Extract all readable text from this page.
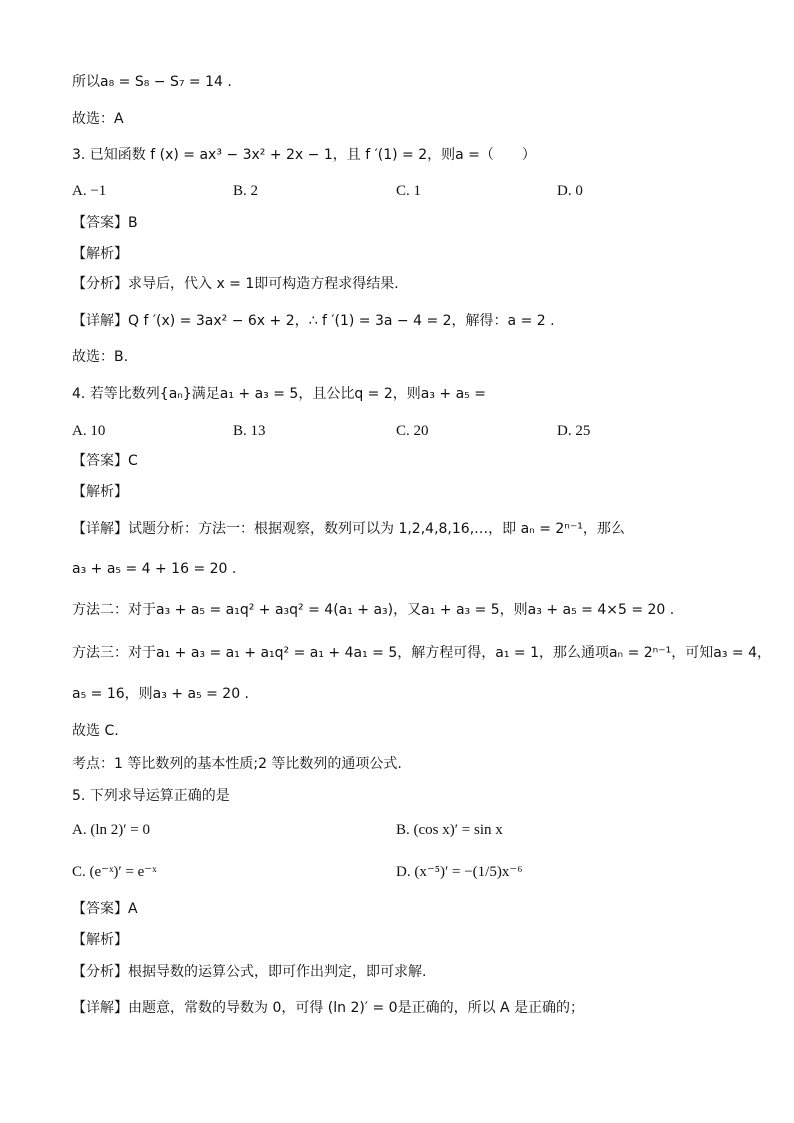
所以a₈ = S₈ − S₇ = 14 .
故选：A
3. 已知函数 f (x) = ax³ − 3x² + 2x − 1，且 f ′(1) = 2，则a =（　　）
A. −1	B. 2	C. 1	D. 0
【答案】B
【解析】
【分析】求导后，代入 x = 1即可构造方程求得结果.
【详解】Q f ′(x) = 3ax² − 6x + 2，∴ f ′(1) = 3a − 4 = 2，解得：a = 2 .
故选：B.
4. 若等比数列{aₙ}满足a₁ + a₃ = 5，且公比q = 2，则a₃ + a₅ =
A. 10	B. 13	C. 20	D. 25
【答案】C
【解析】
【详解】试题分析：方法一：根据观察，数列可以为 1,2,4,8,16,…，即 aₙ = 2ⁿ⁻¹，那么
a₃ + a₅ = 4 + 16 = 20 .
方法二：对于a₃ + a₅ = a₁q² + a₃q² = 4(a₁ + a₃)，又a₁ + a₃ = 5，则a₃ + a₅ = 4×5 = 20 .
方法三：对于a₁ + a₃ = a₁ + a₁q² = a₁ + 4a₁ = 5，解方程可得，a₁ = 1，那么通项aₙ = 2ⁿ⁻¹，可知a₃ = 4，
a₅ = 16，则a₃ + a₅ = 20 .
故选 C.
考点：1 等比数列的基本性质;2 等比数列的通项公式.
5. 下列求导运算正确的是
A. (ln 2)′ = 0	B. (cos x)′ = sin x
C. (e⁻ˣ)′ = e⁻ˣ	D. (x⁻⁵)′ = −(1/5)x⁻⁶
【答案】A
【解析】
【分析】根据导数的运算公式，即可作出判定，即可求解.
【详解】由题意，常数的导数为 0，可得 (ln 2)′ = 0是正确的，所以 A 是正确的；
